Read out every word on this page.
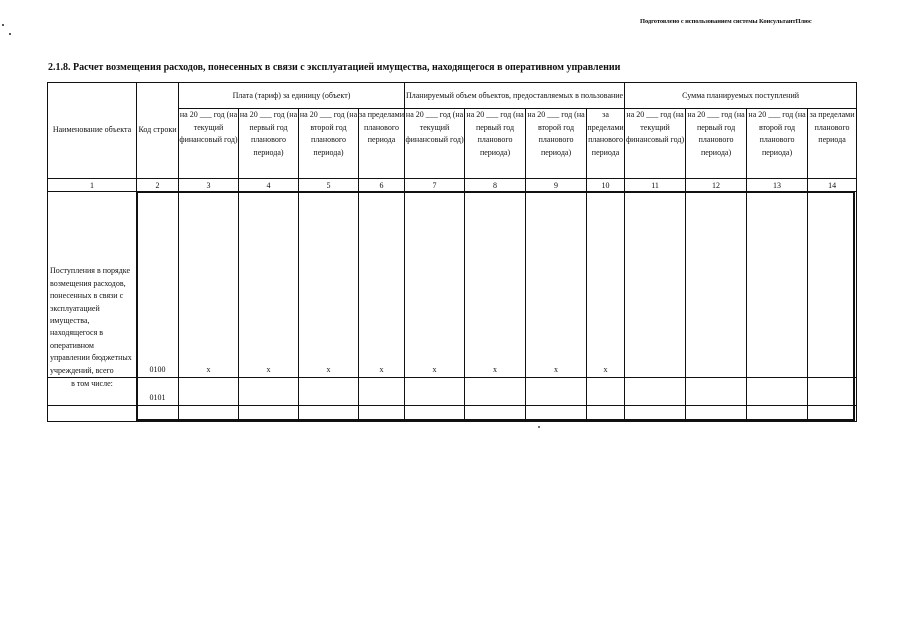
Подготовлено с использованием системы КонсультантПлюс
2.1.8. Расчет возмещения расходов, понесенных в связи с эксплуатацией имущества, находящегося в оперативном управлении
Наименование объекта	Код строки	Плата (тариф) за единицу (объект)				Планируемый объем объектов, предоставляемых в пользование				Сумма планируемых поступлений			
		на 20 ___ год (на текущий финансовый год)	на 20 ___ год (на первый год планового периода)	на 20 ___ год (на второй год планового периода)	за пределами планового периода	на 20 ___ год (на текущий финансовый год)	на 20 ___ год (на первый год планового периода)	на 20 ___ год (на второй год планового периода)	за пределами планового периода	на 20 ___ год (на текущий финансовый год)	на 20 ___ год (на первый год планового периода)	на 20 ___ год (на второй год планового периода)	за пределами планового периода
1	2	3	4	5	6	7	8	9	10	11	12	13	14
Поступления в порядке возмещения расходов, понесенных в связи с эксплуатацией имущества, находящегося в оперативном управлении бюджетных учреждений, всего	0100	x	x	x	x	x	x	x	x				
в том числе:	0101												
